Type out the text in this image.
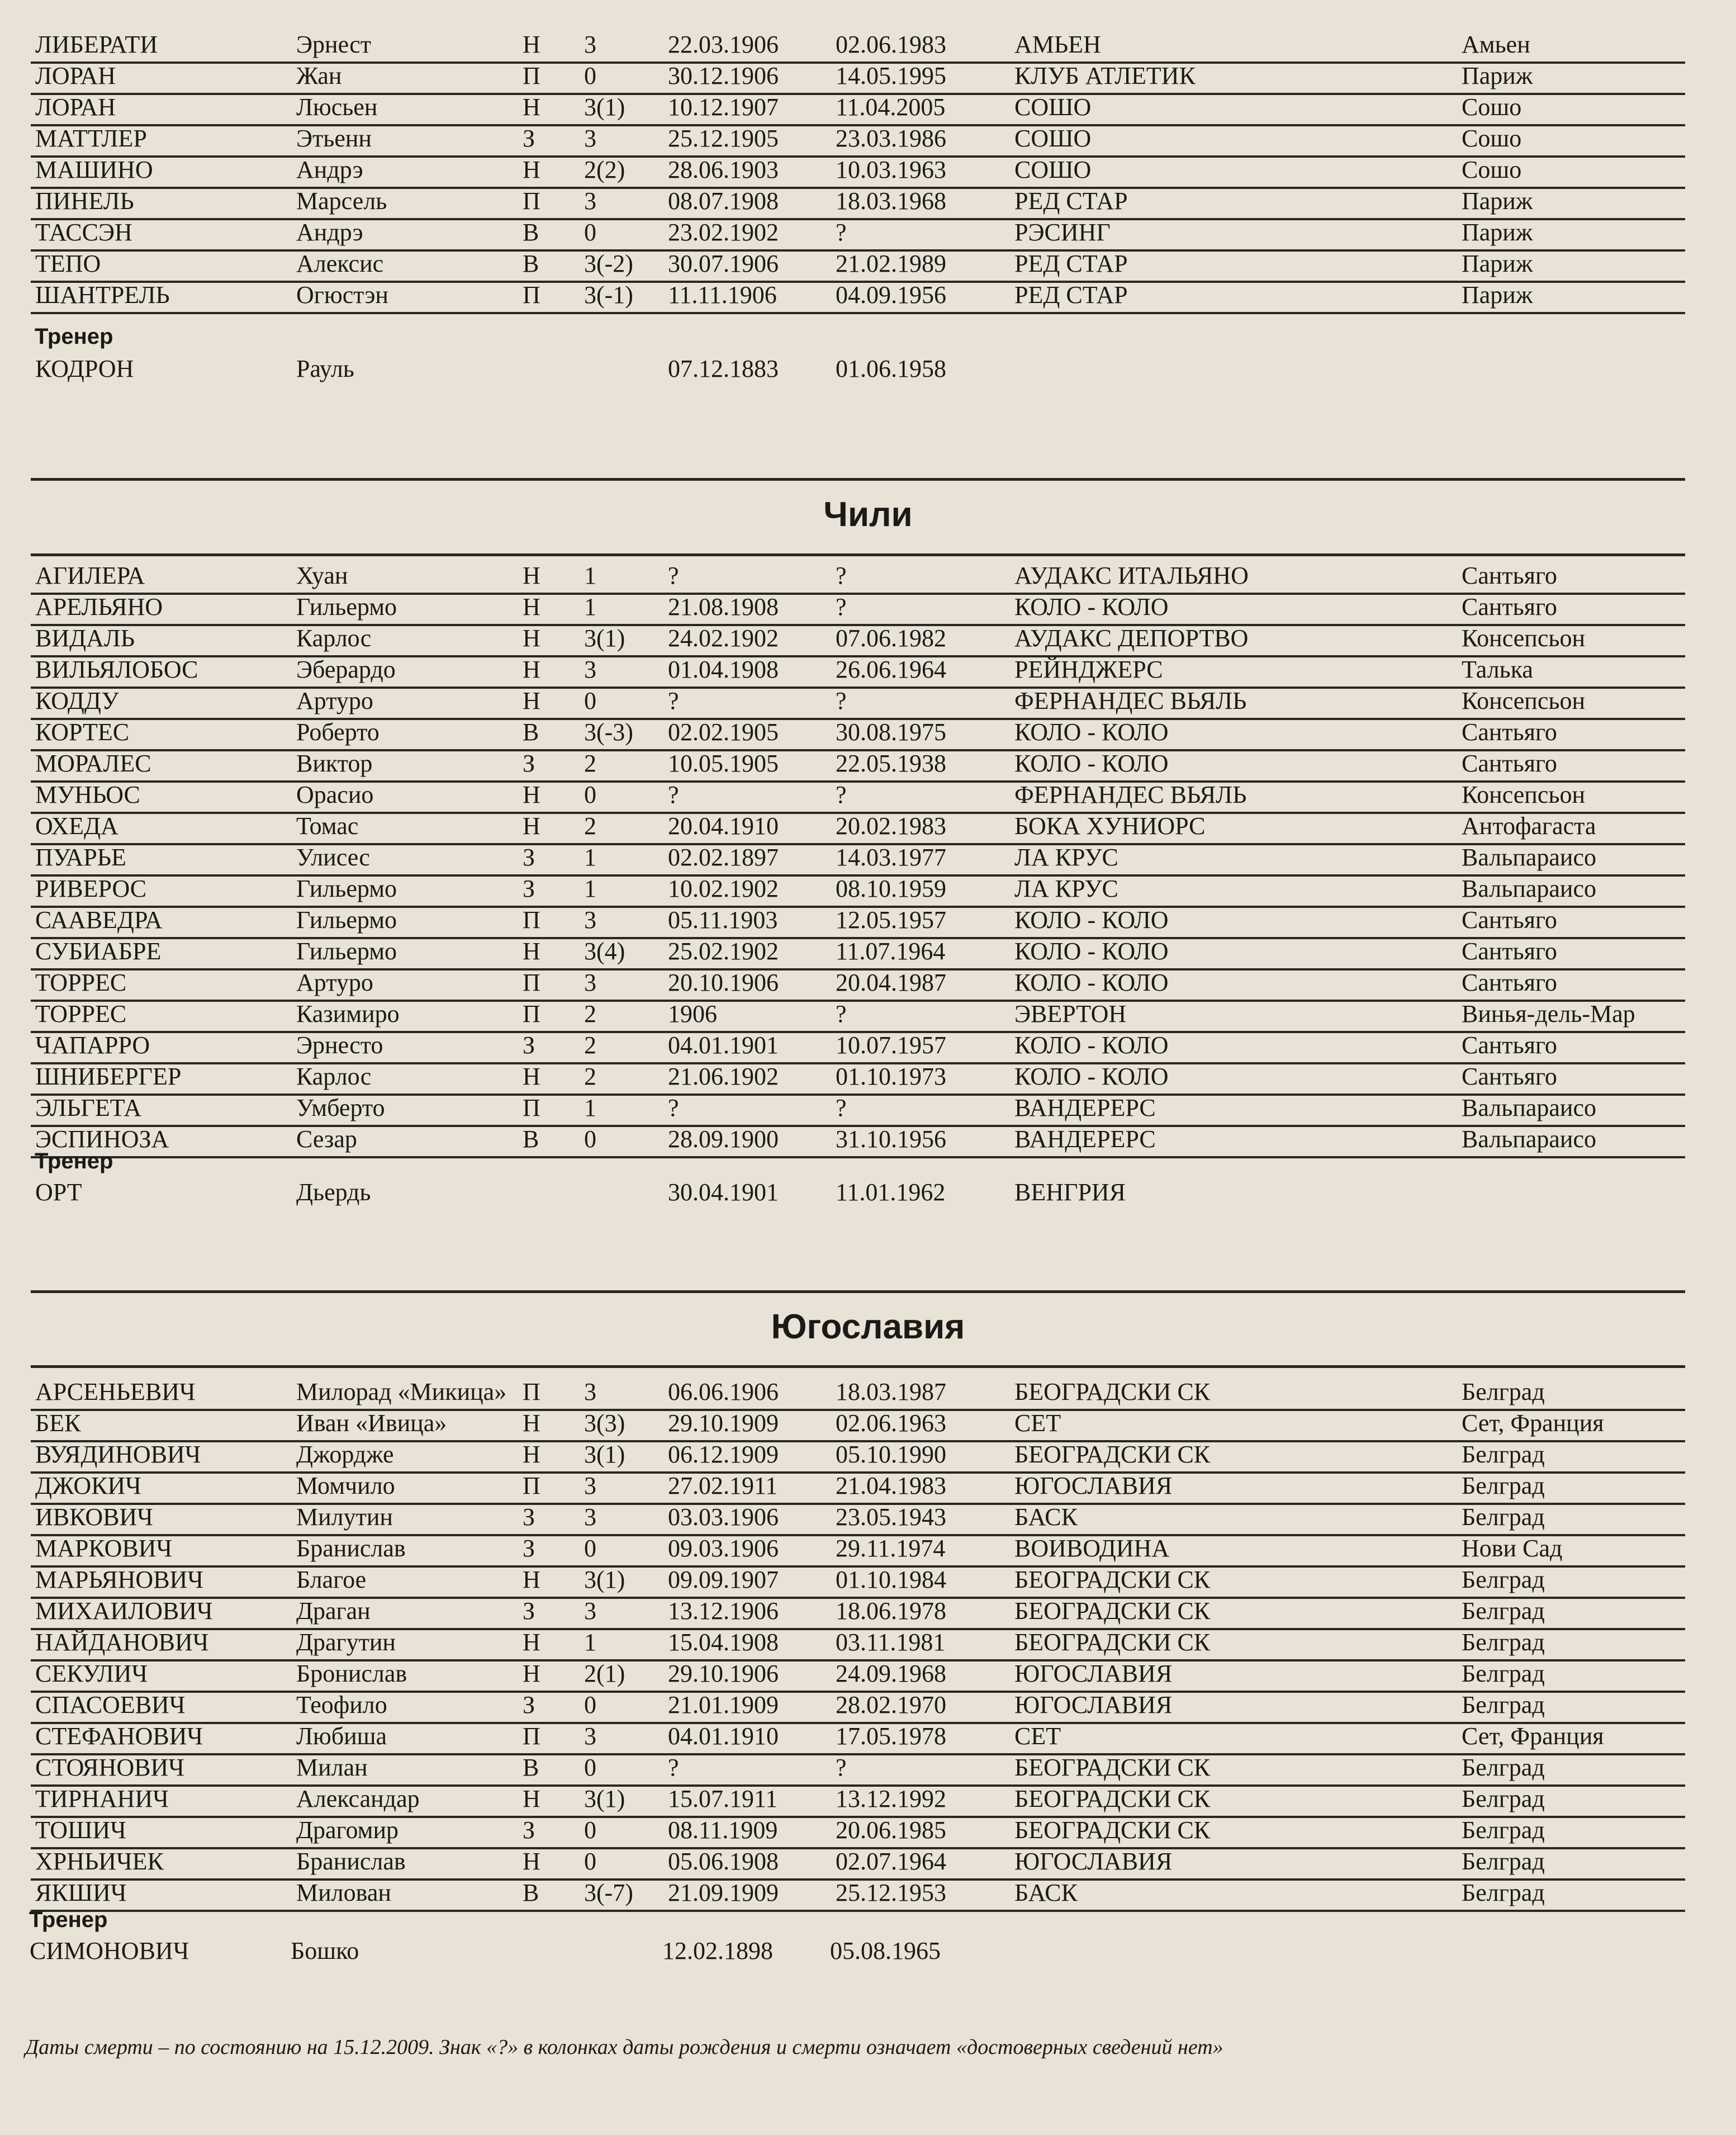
ЛИБЕРАТИ	Эрнест	Н 3	22.03.1906 02.06.1983	АМЬЕН	Амьен
ЛОРАН	Жан	П 0	30.12.1906 14.05.1995	КЛУБ АТЛЕТИК	Париж
ЛОРАН	Люсьен	Н 3(1) 10.12.1907 11.04.2005	СОШО	Сошо
МАТТЛЕР	Этьенн	З 3	25.12.1905 23.03.1986	СОШО	Сошо
МАШИНО	Андрэ	Н 2(2) 28.06.1903 10.03.1963	СОШО	Сошо
ПИНЕЛЬ	Марсель	П 3	08.07.1908 18.03.1968	РЕД СТАР	Париж
ТАССЭН	Андрэ	В 0	23.02.1902 ?	РЭСИНГ	Париж
ТЕПО	Алексис	В 3(-2) 30.07.1906 21.02.1989	РЕД СТАР	Париж
ШАНТРЕЛЬ	Огюстэн	П 3(-1) 11.11.1906 04.09.1956	РЕД СТАР	Париж
Тренер
КОДРОН	Рауль	07.12.1883 01.06.1958
Чили
АГИЛЕРА	Хуан	Н 1	?	?	АУДАКС ИТАЛЬЯНО	Сантьяго
АРЕЛЬЯНО	Гильермо	Н 1	21.08.1908 ?	КОЛО - КОЛО	Сантьяго
ВИДАЛЬ	Карлос	Н 3(1) 24.02.1902 07.06.1982	АУДАКС ДЕПОРТВО	Консепсьон
ВИЛЬЯЛОБОС	Эберардо	Н 3	01.04.1908 26.06.1964	РЕЙНДЖЕРС	Талька
КОДДУ	Артуро	Н 0	?	?	ФЕРНАНДЕС ВЬЯЛЬ	Консепсьон
КОРТЕС	Роберто	В 3(-3) 02.02.1905 30.08.1975	КОЛО - КОЛО	Сантьяго
МОРАЛЕС	Виктор	З 2	10.05.1905 22.05.1938	КОЛО - КОЛО	Сантьяго
МУНЬОС	Орасио	Н 0	?	?	ФЕРНАНДЕС ВЬЯЛЬ	Консепсьон
ОХЕДА	Томас	Н 2	20.04.1910 20.02.1983	БОКА ХУНИОРС	Антофагаста
ПУАРЬЕ	Улисес	З 1	02.02.1897 14.03.1977	ЛА КРУС	Вальпараисо
РИВЕРОС	Гильермо	З 1	10.02.1902 08.10.1959	ЛА КРУС	Вальпараисо
СААВЕДРА	Гильермо	П 3	05.11.1903 12.05.1957	КОЛО - КОЛО	Сантьяго
СУБИАБРЕ	Гильермо	Н 3(4) 25.02.1902 11.07.1964	КОЛО - КОЛО	Сантьяго
ТОРРЕС	Артуро	П 3	20.10.1906 20.04.1987	КОЛО - КОЛО	Сантьяго
ТОРРЕС	Казимиро	П 2	1906	?	ЭВЕРТОН	Винья-дель-Мар
ЧАПАРРО	Эрнесто	З 2	04.01.1901 10.07.1957	КОЛО - КОЛО	Сантьяго
ШНИБЕРГЕР	Карлос	Н 2	21.06.1902 01.10.1973	КОЛО - КОЛО	Сантьяго
ЭЛЬГЕТА	Умберто	П 1	?	?	ВАНДЕРЕРС	Вальпараисо
ЭСПИНОЗА	Сезар	В 0	28.09.1900 31.10.1956	ВАНДЕРЕРС	Вальпараисо
Тренер
ОРТ	Дьердь	30.04.1901 11.01.1962	ВЕНГРИЯ
Югославия
АРСЕНЬЕВИЧ	Милорад «Микица» П 3	06.06.1906 18.03.1987	БЕОГРАДСКИ СК	Белград
БЕК	Иван «Ивица»	Н 3(3) 29.10.1909 02.06.1963	СЕТ	Сет, Франция
ВУЯДИНОВИЧ	Джордже	Н 3(1) 06.12.1909 05.10.1990	БЕОГРАДСКИ СК	Белград
ДЖОКИЧ	Момчило	П 3	27.02.1911 21.04.1983	ЮГОСЛАВИЯ	Белград
ИВКОВИЧ	Милутин	З 3	03.03.1906 23.05.1943	БАСК	Белград
МАРКОВИЧ	Бранислав	З 0	09.03.1906 29.11.1974	ВОИВОДИНА	Нови Сад
МАРЬЯНОВИЧ	Благое	Н 3(1) 09.09.1907 01.10.1984	БЕОГРАДСКИ СК	Белград
МИХАИЛОВИЧ	Драган	З 3	13.12.1906 18.06.1978	БЕОГРАДСКИ СК	Белград
НАЙДАНОВИЧ	Драгутин	Н 1	15.04.1908 03.11.1981	БЕОГРАДСКИ СК	Белград
СЕКУЛИЧ	Бронислав	Н 2(1) 29.10.1906 24.09.1968	ЮГОСЛАВИЯ	Белград
СПАСОЕВИЧ	Теофило	З 0	21.01.1909 28.02.1970	ЮГОСЛАВИЯ	Белград
СТЕФАНОВИЧ	Любиша	П 3	04.01.1910 17.05.1978	СЕТ	Сет, Франция
СТОЯНОВИЧ	Милан	В 0	?	?	БЕОГРАДСКИ СК	Белград
ТИРНАНИЧ	Александар	Н 3(1) 15.07.1911 13.12.1992	БЕОГРАДСКИ СК	Белград
ТОШИЧ	Драгомир	З 0	08.11.1909 20.06.1985	БЕОГРАДСКИ СК	Белград
ХРНЬИЧЕК	Бранислав	Н 0	05.06.1908 02.07.1964	ЮГОСЛАВИЯ	Белград
ЯКШИЧ	Милован	В 3(-7) 21.09.1909 25.12.1953	БАСК	Белград
Тренер
СИМОНОВИЧ	Бошко	12.02.1898 05.08.1965
Даты смерти – по состоянию на 15.12.2009. Знак «?» в колонках даты рождения и смерти означает «достоверных сведений нет»
